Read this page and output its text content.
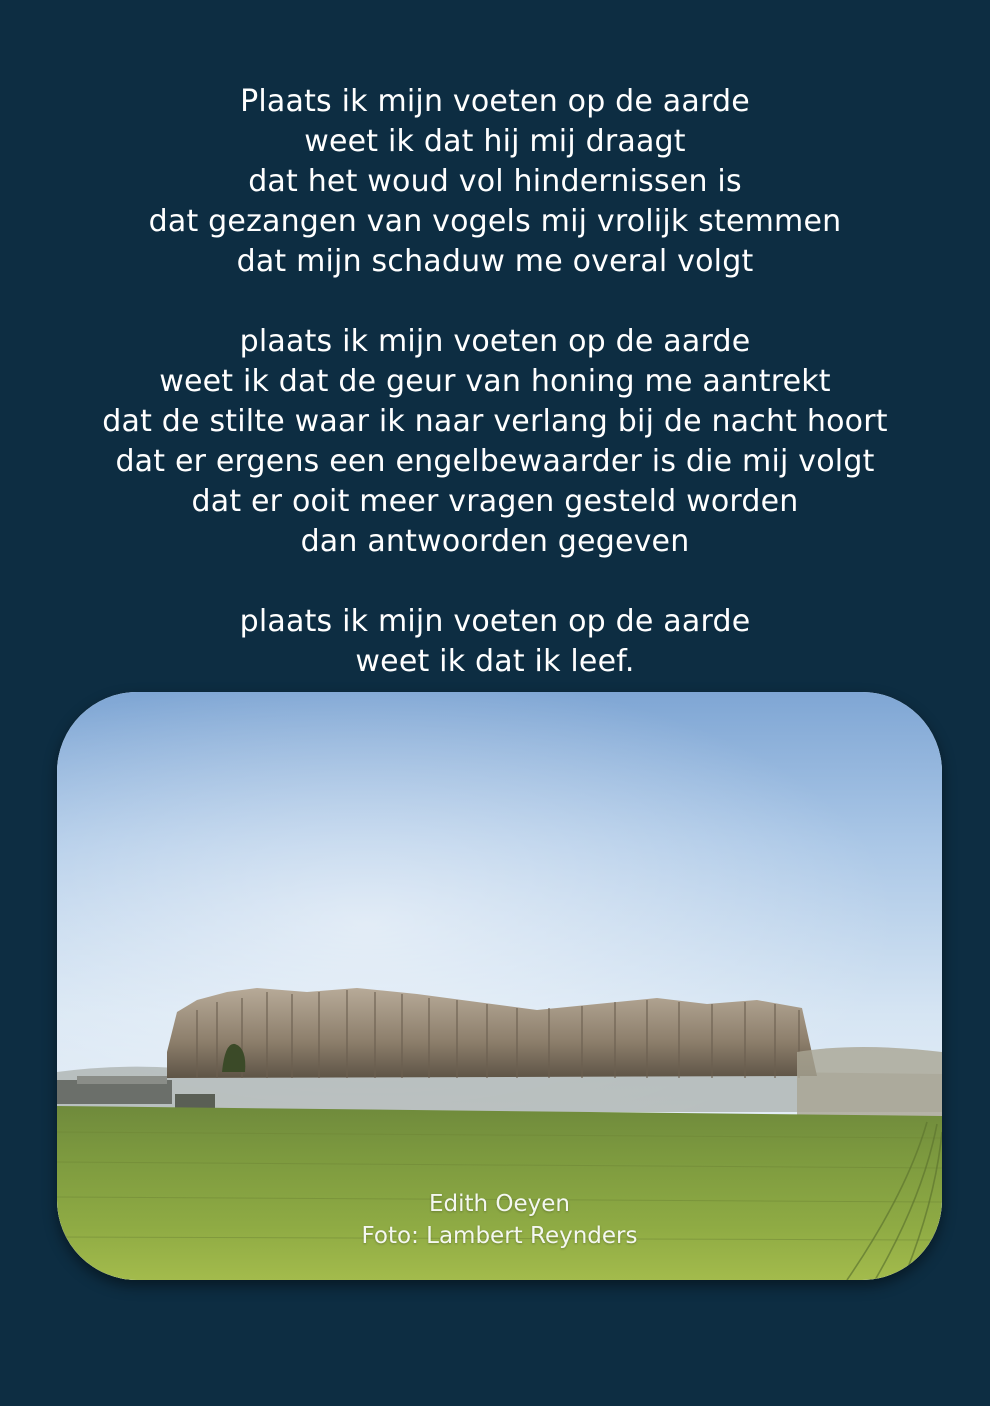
Plaats ik mijn voeten op de aarde
weet ik dat hij mij draagt
dat het woud vol hindernissen is
dat gezangen van vogels mij vrolijk stemmen
dat mijn schaduw me overal volgt
plaats ik mijn voeten op de aarde
weet ik dat de geur van honing me aantrekt
dat de stilte waar ik naar verlang bij de nacht hoort
dat er ergens een engelbewaarder is die mij volgt
dat er ooit meer vragen gesteld worden
dan antwoorden gegeven
plaats ik mijn voeten op de aarde
weet ik dat ik leef.
Edith Oeyen
Foto: Lambert Reynders
